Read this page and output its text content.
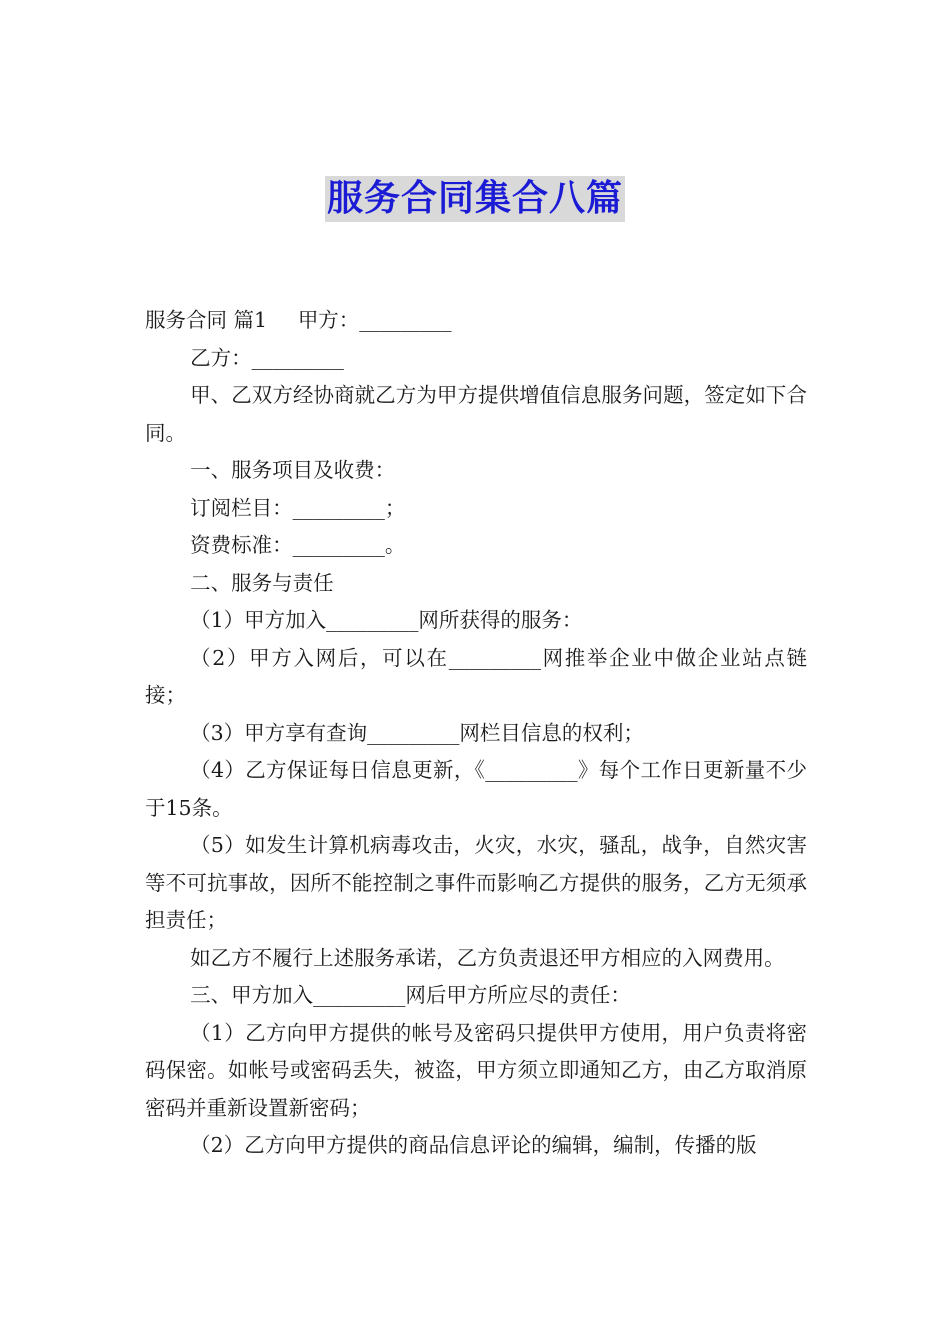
服务合同集合八篇

服务合同 篇1 甲方：_________

乙方：_________

甲、乙双方经协商就乙方为甲方提供增值信息服务问题，签定如下合同。

一、服务项目及收费：

订阅栏目：_________；

资费标准：_________。

二、服务与责任

（1）甲方加入_________网所获得的服务：

（2）甲方入网后，可以在_________网推举企业中做企业站点链接；

（3）甲方享有查询_________网栏目信息的权利；

（4）乙方保证每日信息更新，《_________》每个工作日更新量不少于15条。

（5）如发生计算机病毒攻击，火灾，水灾，骚乱，战争，自然灾害等不可抗事故，因所不能控制之事件而影响乙方提供的服务，乙方无须承担责任；

如乙方不履行上述服务承诺，乙方负责退还甲方相应的入网费用。

三、甲方加入_________网后甲方所应尽的责任：

（1）乙方向甲方提供的帐号及密码只提供甲方使用，用户负责将密码保密。如帐号或密码丢失，被盗，甲方须立即通知乙方，由乙方取消原密码并重新设置新密码；

（2）乙方向甲方提供的商品信息评论的编辑，编制，传播的版
